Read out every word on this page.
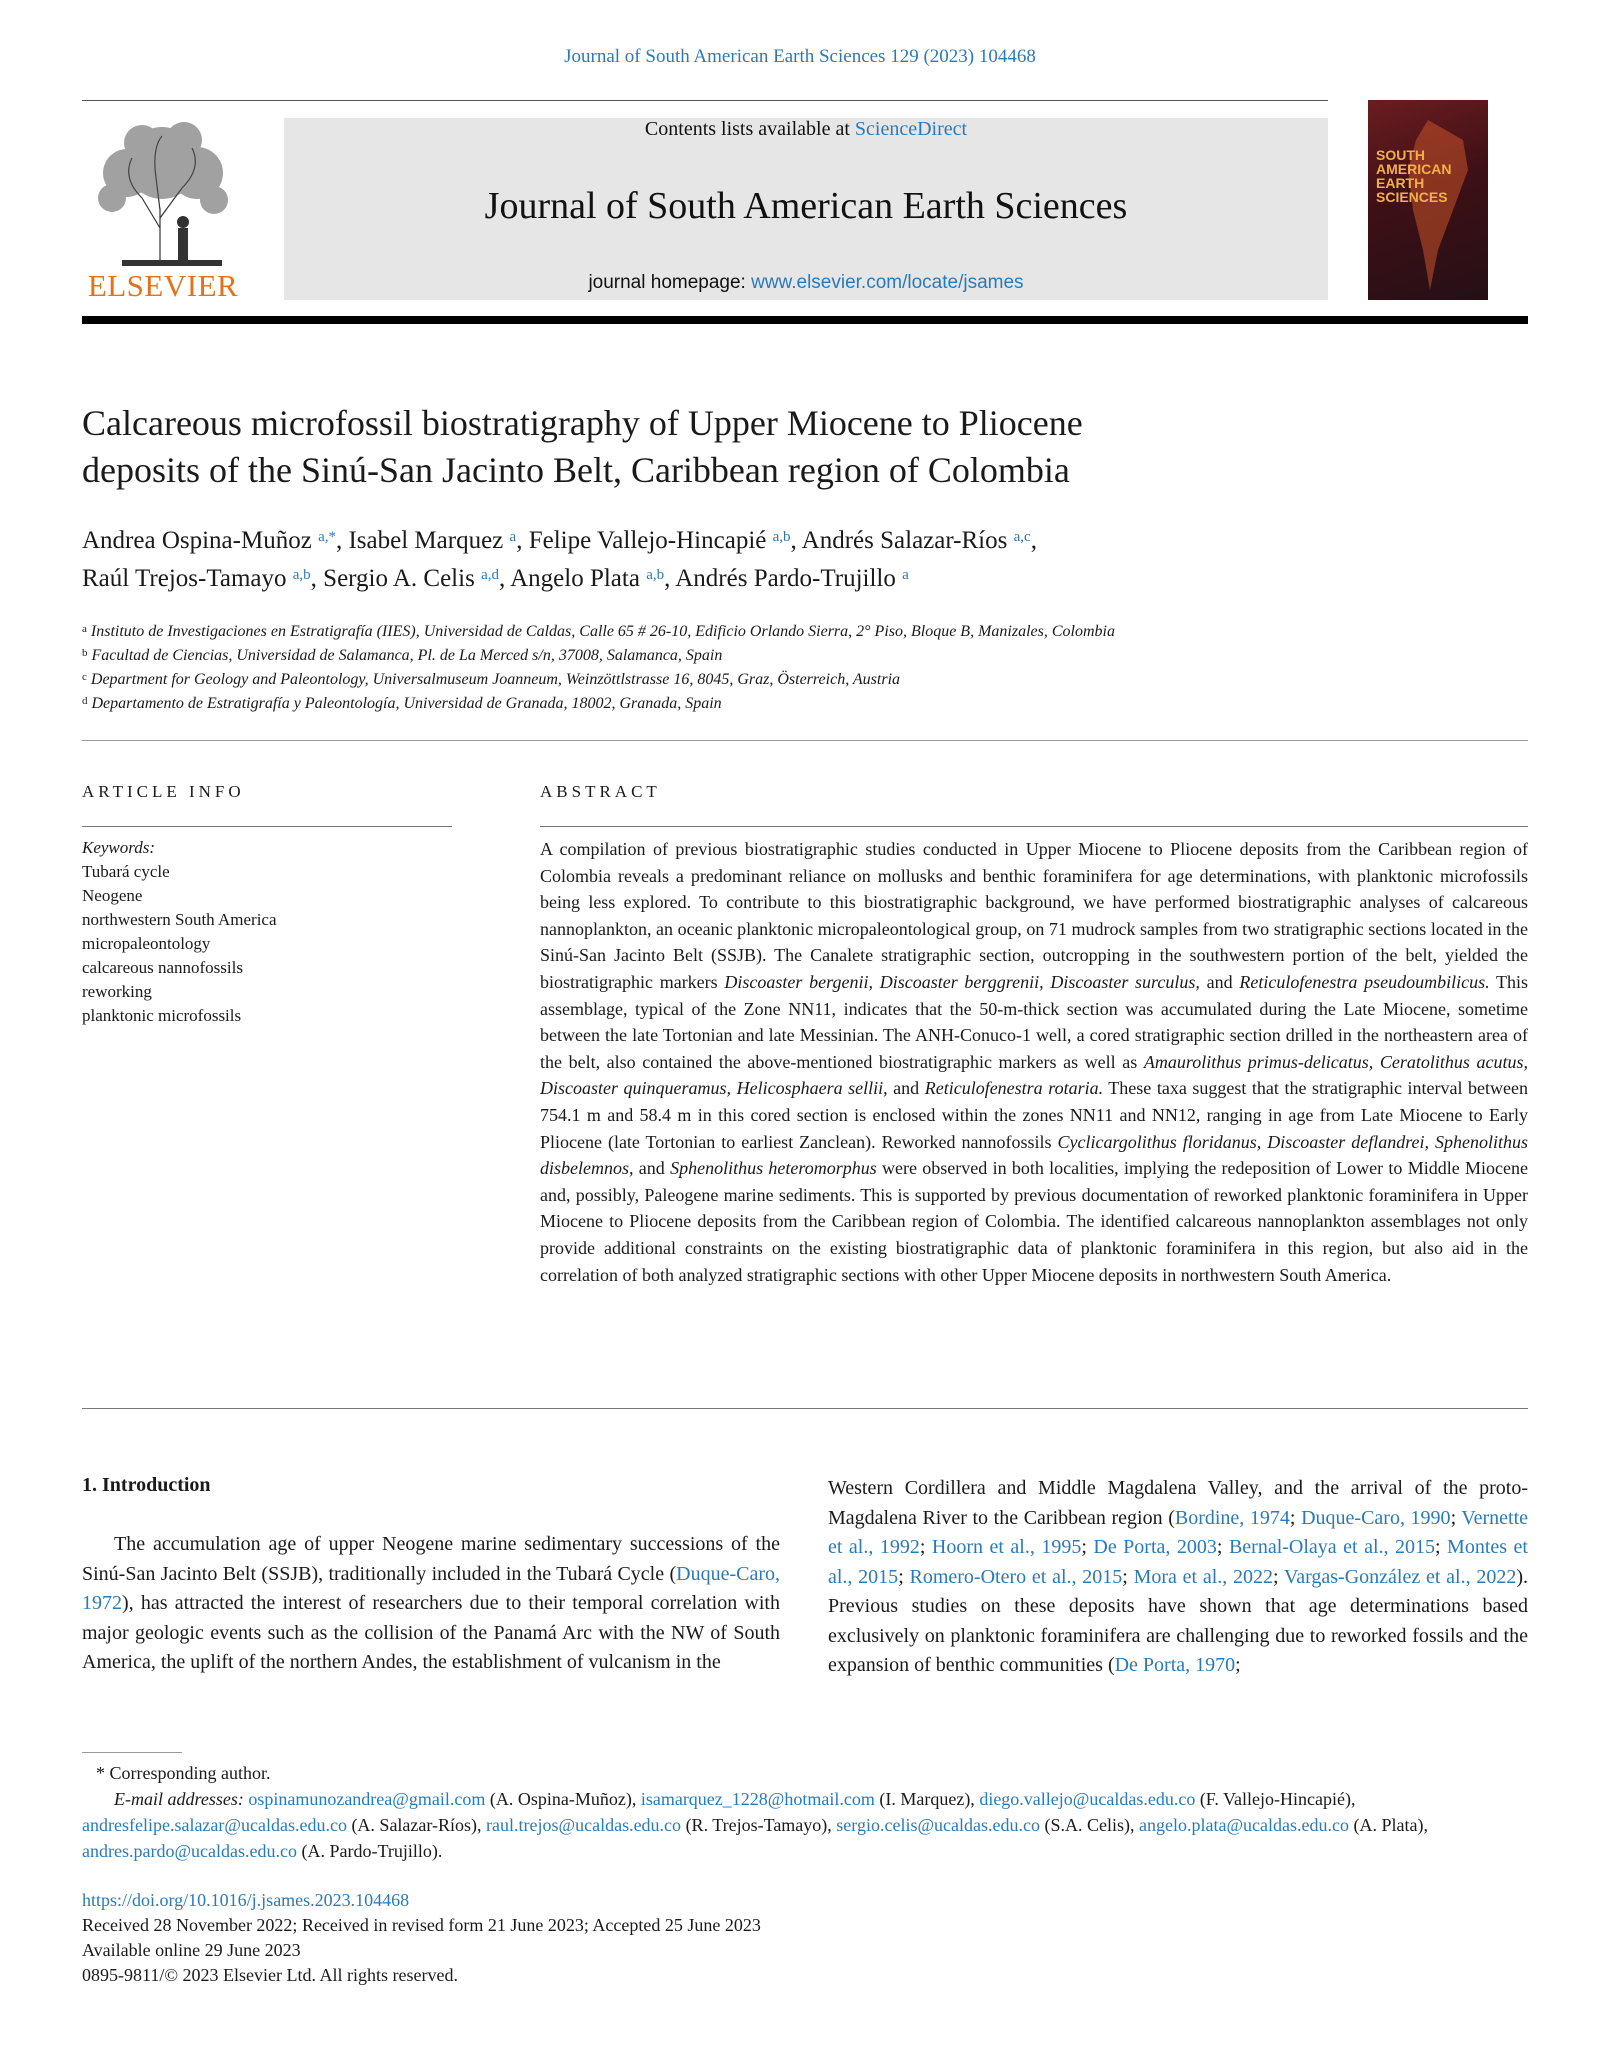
Journal of South American Earth Sciences 129 (2023) 104468
ELSEVIER
Contents lists available at ScienceDirect
Journal of South American Earth Sciences
journal homepage: www.elsevier.com/locate/jsames
SOUTH
AMERICAN
EARTH
SCIENCES
Calcareous microfossil biostratigraphy of Upper Miocene to Pliocene
deposits of the Sinú-San Jacinto Belt, Caribbean region of Colombia
Andrea Ospina-Muñoz $^{a,*}$, Isabel Marquez $^a$, Felipe Vallejo-Hincapié $^{a,b}$, Andrés Salazar-Ríos $^{a,c}$,
Raúl Trejos-Tamayo $^{a,b}$, Sergio A. Celis $^{a,d}$, Angelo Plata $^{a,b}$, Andrés Pardo-Trujillo $^a$
$^a$ Instituto de Investigaciones en Estratigrafía (IIES), Universidad de Caldas, Calle 65 # 26-10, Edificio Orlando Sierra, 2° Piso, Bloque B, Manizales, Colombia
$^b$ Facultad de Ciencias, Universidad de Salamanca, Pl. de La Merced s/n, 37008, Salamanca, Spain
$^c$ Department for Geology and Paleontology, Universalmuseum Joanneum, Weinzöttlstrasse 16, 8045, Graz, Österreich, Austria
$^d$ Departamento de Estratigrafía y Paleontología, Universidad de Granada, 18002, Granada, Spain
ARTICLE INFO	ABSTRACT
Keywords:
Tubará cycle
Neogene
northwestern South America
micropaleontology
calcareous nannofossils
reworking
planktonic microfossils
A compilation of previous biostratigraphic studies conducted in Upper Miocene to Pliocene deposits from the Caribbean region of Colombia reveals a predominant reliance on mollusks and benthic foraminifera for age determinations, with planktonic microfossils being less explored. To contribute to this biostratigraphic background, we have performed biostratigraphic analyses of calcareous nannoplankton, an oceanic planktonic micropaleontological group, on 71 mudrock samples from two stratigraphic sections located in the Sinú-San Jacinto Belt (SSJB). The Canalete stratigraphic section, outcropping in the southwestern portion of the belt, yielded the biostratigraphic markers Discoaster bergenii, Discoaster berggrenii, Discoaster surculus, and Reticulofenestra pseudoumbilicus. This assemblage, typical of the Zone NN11, indicates that the 50-m-thick section was accumulated during the Late Miocene, sometime between the late Tortonian and late Messinian. The ANH-Conuco-1 well, a cored stratigraphic section drilled in the northeastern area of the belt, also contained the above-mentioned biostratigraphic markers as well as Amaurolithus primus-delicatus, Ceratolithus acutus, Discoaster quinqueramus, Helicosphaera sellii, and Reticulofenestra rotaria. These taxa suggest that the stratigraphic interval between 754.1 m and 58.4 m in this cored section is enclosed within the zones NN11 and NN12, ranging in age from Late Miocene to Early Pliocene (late Tortonian to earliest Zanclean). Reworked nannofossils Cyclicargolithus floridanus, Discoaster deflandrei, Sphenolithus disbelemnos, and Sphenolithus heteromorphus were observed in both localities, implying the redeposition of Lower to Middle Miocene and, possibly, Paleogene marine sediments. This is supported by previous documentation of reworked planktonic foraminifera in Upper Miocene to Pliocene deposits from the Caribbean region of Colombia. The identified calcareous nannoplankton assemblages not only provide additional constraints on the existing biostratigraphic data of planktonic foraminifera in this region, but also aid in the correlation of both analyzed stratigraphic sections with other Upper Miocene deposits in northwestern South America.
1. Introduction
The accumulation age of upper Neogene marine sedimentary successions of the Sinú-San Jacinto Belt (SSJB), traditionally included in the Tubará Cycle (Duque-Caro, 1972), has attracted the interest of researchers due to their temporal correlation with major geologic events such as the collision of the Panamá Arc with the NW of South America, the uplift of the northern Andes, the establishment of vulcanism in the
Western Cordillera and Middle Magdalena Valley, and the arrival of the proto-Magdalena River to the Caribbean region (Bordine, 1974; Duque-Caro, 1990; Vernette et al., 1992; Hoorn et al., 1995; De Porta, 2003; Bernal-Olaya et al., 2015; Montes et al., 2015; Romero-Otero et al., 2015; Mora et al., 2022; Vargas-González et al., 2022). Previous studies on these deposits have shown that age determinations based exclusively on planktonic foraminifera are challenging due to reworked fossils and the expansion of benthic communities (De Porta, 1970;
* Corresponding author.
E-mail addresses: ospinamunozandrea@gmail.com (A. Ospina-Muñoz), isamarquez_1228@hotmail.com (I. Marquez), diego.vallejo@ucaldas.edu.co (F. Vallejo-Hincapié), andresfelipe.salazar@ucaldas.edu.co (A. Salazar-Ríos), raul.trejos@ucaldas.edu.co (R. Trejos-Tamayo), sergio.celis@ucaldas.edu.co (S.A. Celis), angelo.plata@ucaldas.edu.co (A. Plata), andres.pardo@ucaldas.edu.co (A. Pardo-Trujillo).
https://doi.org/10.1016/j.jsames.2023.104468
Received 28 November 2022; Received in revised form 21 June 2023; Accepted 25 June 2023
Available online 29 June 2023
0895-9811/© 2023 Elsevier Ltd. All rights reserved.
